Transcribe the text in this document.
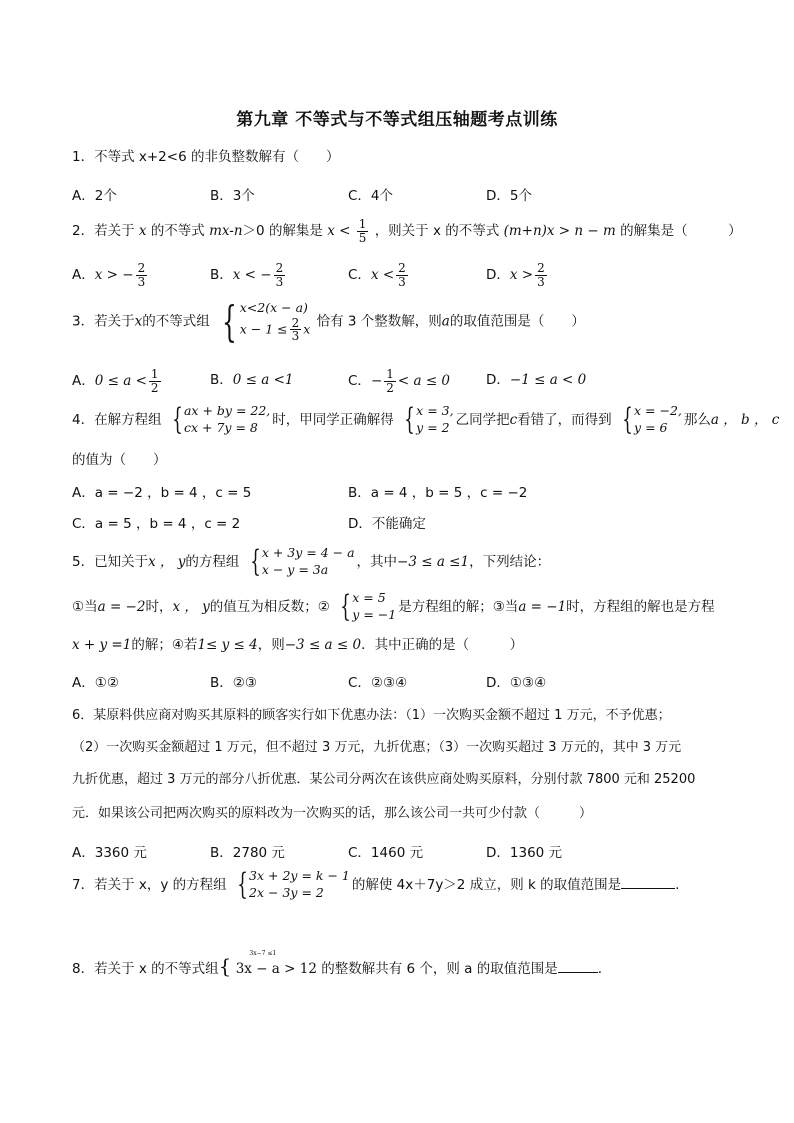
第九章 不等式与不等式组压轴题考点训练
1．不等式 x+2<6 的非负整数解有（　　）
A．2个	B．3个	C．4个	D．5个
2．若关于 x 的不等式 mx-n＞0 的解集是 $x < \frac{1}{5}$ ，则关于 x 的不等式 (m+n)x > n − m 的解集是（　　　）
A．x > − $\frac{2}{3}$	B．x < − $\frac{2}{3}$	C．$x < \frac{2}{3}$	D．$x > \frac{2}{3}$
3．若关于x的不等式组 { x<2(x − a)
$x - 1 \le \frac{2}{3}$ x 恰有 3 个整数解，则a的取值范围是（　　）
A．$0 \le a < \frac{1}{2}$	B．0 ≤ a <1	C．− $\frac{1}{2} < a \le 0$	D．−1 ≤ a < 0
4．在解方程组 { ax + by = 22,
cx + 7y = 8	时，甲同学正确解得 { x = 3,
y = 2 乙同学把c看错了，而得到 { x = −2,
y = 6	那么a ， b ， c
的值为（　　）
A．a = −2 ，b = 4 ，c = 5	B．a = 4 ，b = 5 ，c = −2
C．a = 5 ，b = 4 ，c = 2	D．不能确定
5．已知关于x ， y的方程组 { x + 3y = 4 − a
x − y = 3a	，其中−3 ≤ a ≤1，下列结论：
①当a = −2时，x ， y的值互为相反数；② { x = 5
y = −1 是方程组的解；③当a = −1时，方程组的解也是方程
x + y =1的解；④若1≤ y ≤ 4，则−3 ≤ a ≤ 0．其中正确的是（　　　）
A．①②	B．②③	C．②③④	D．①③④
6．某原料供应商对购买其原料的顾客实行如下优惠办法：（1）一次购买金额不超过 1 万元，不予优惠；
（2）一次购买金额超过 1 万元，但不超过 3 万元，九折优惠；（3）一次购买超过 3 万元的，其中 3 万元
九折优惠，超过 3 万元的部分八折优惠．某公司分两次在该供应商处购买原料，分别付款 7800 元和 25200
元．如果该公司把两次购买的原料改为一次购买的话，那么该公司一共可少付款（　　　）
A．3360 元	B．2780 元	C．1460 元	D．1360 元
7．若关于 x，y 的方程组 { 3x + 2y = k − 1
2x − 3y = 2	的解使 4x＋7y＞2 成立，则 k 的取值范围是	.
8．若关于 x 的不等式组{ 3x − a > 12
3x−7 ≤1
的整数解共有 6 个，则 a 的取值范围是	.
